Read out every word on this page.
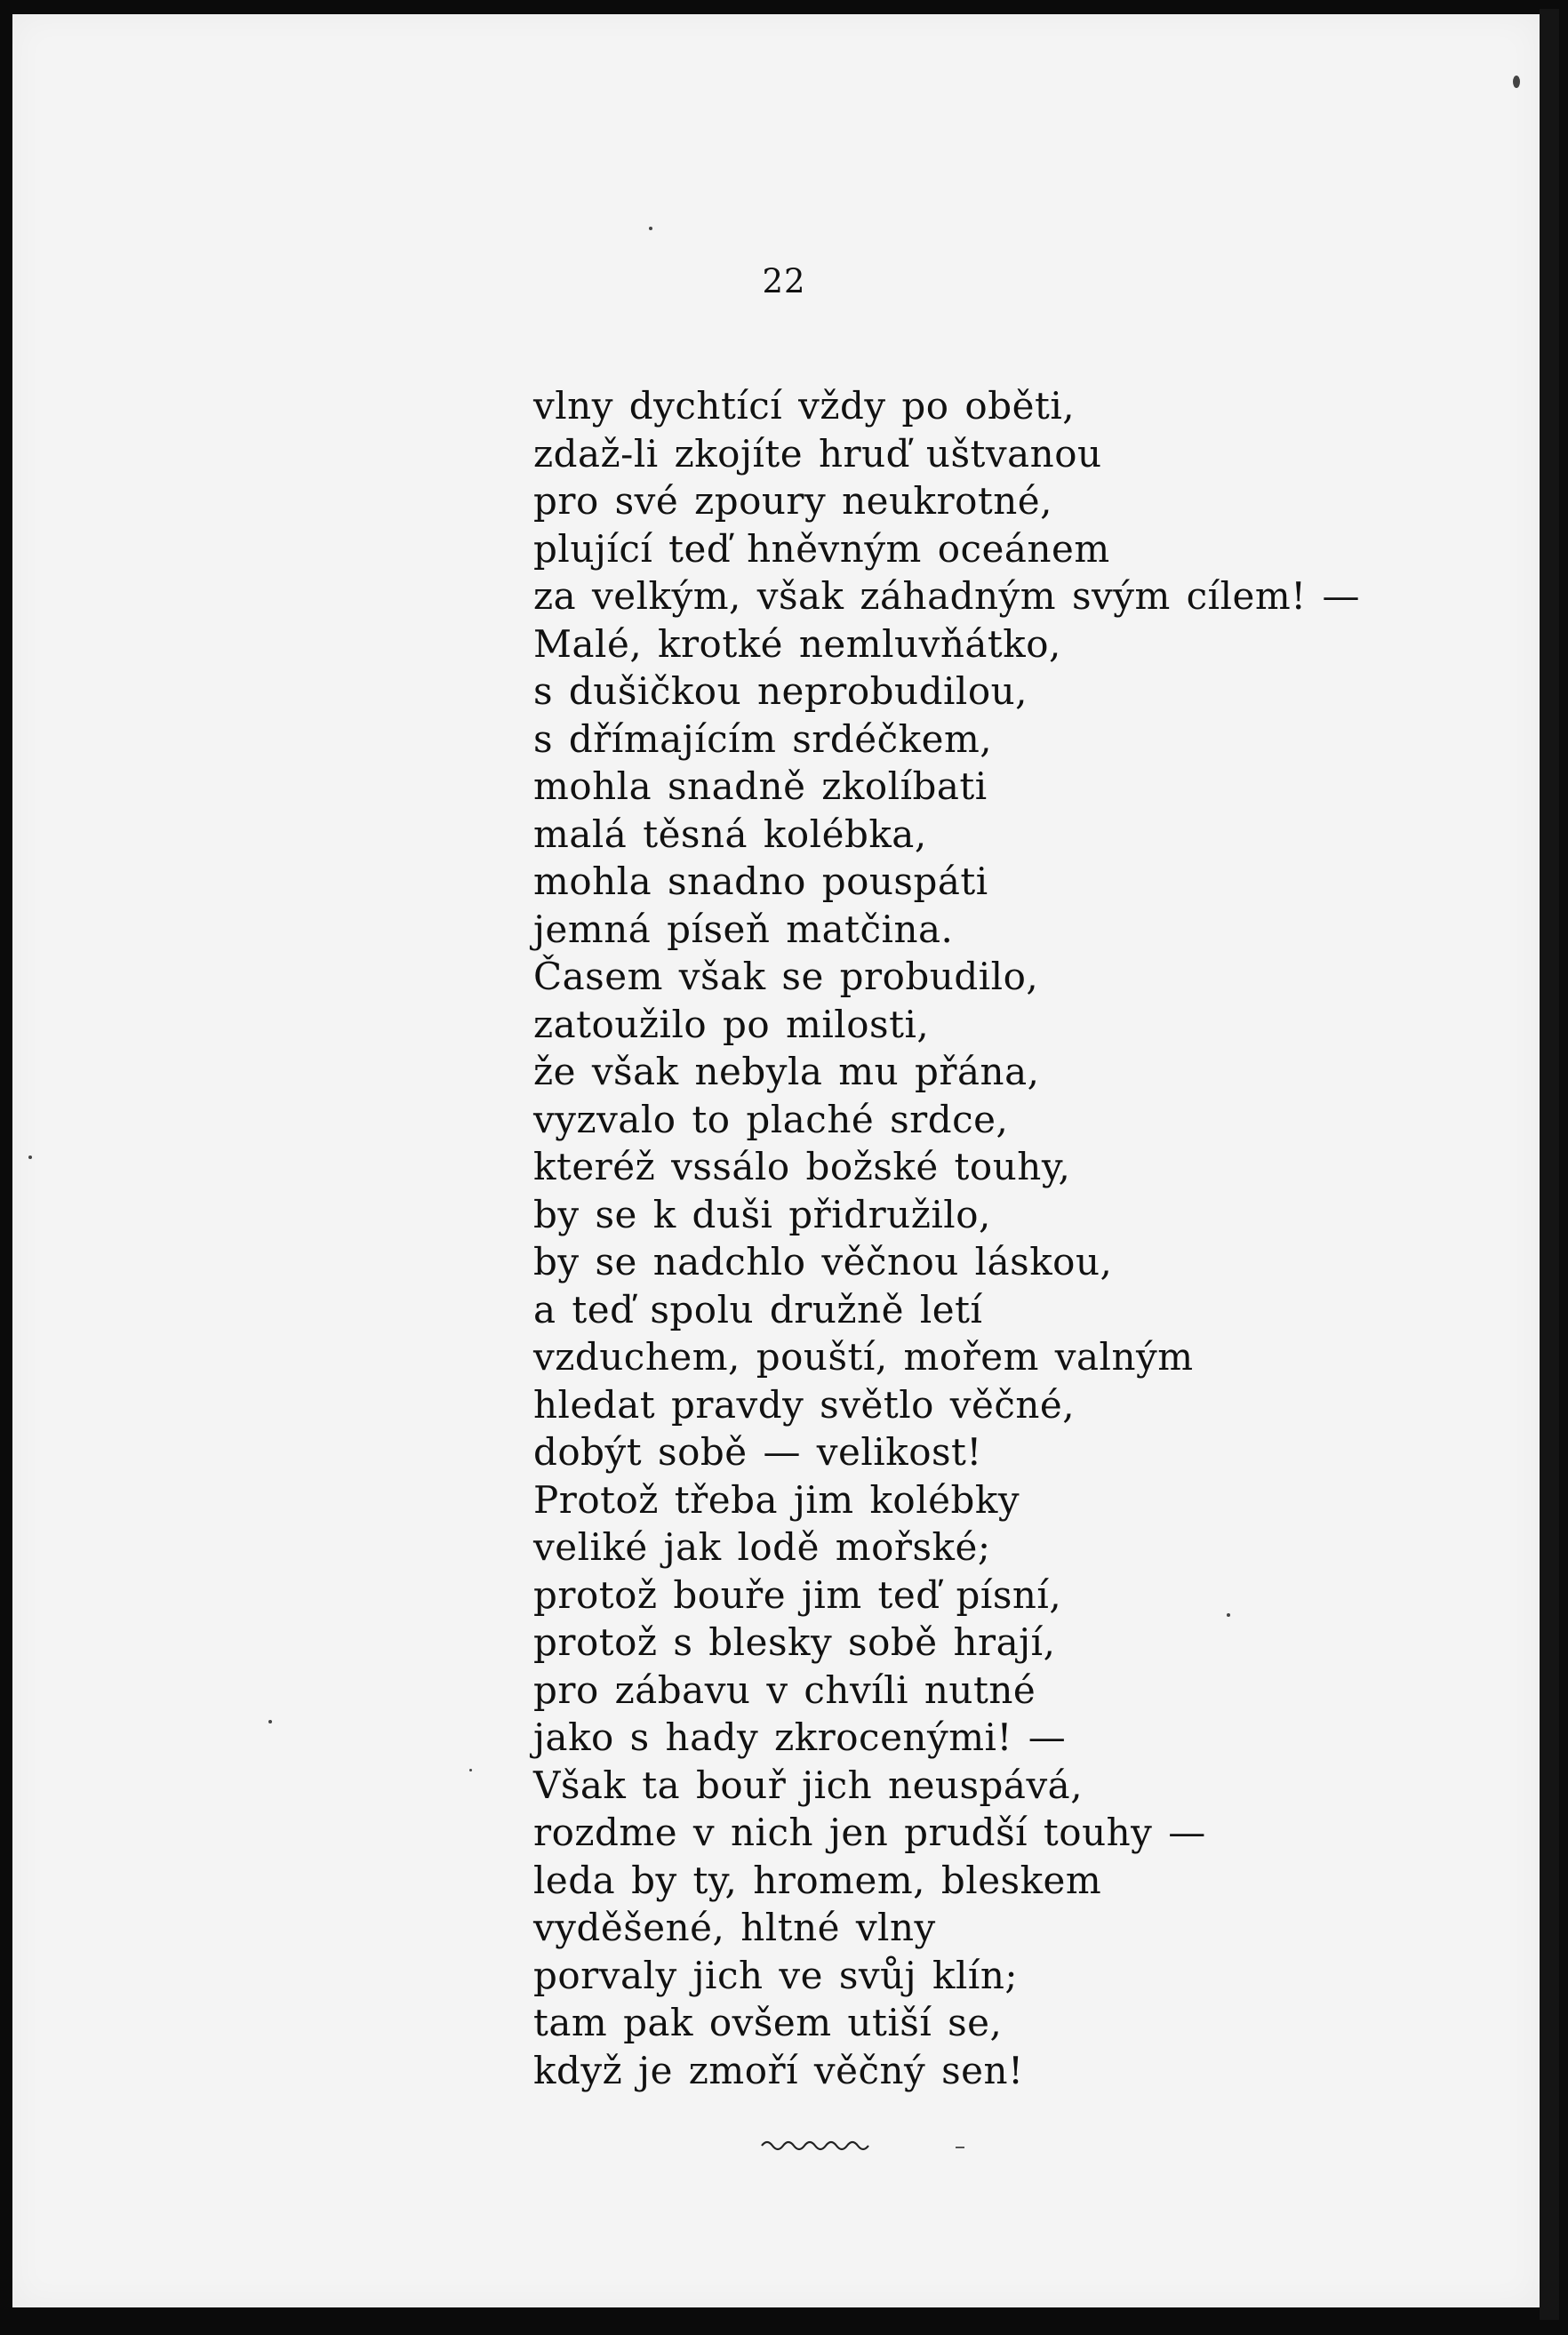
22
vlny dychtící vždy po oběti,
zdaž-li zkojíte hruď uštvanou
pro své zpoury neukrotné,
plující teď hněvným oceánem
za velkým, však záhadným svým cílem! —
Malé, krotké nemluvňátko,
s dušičkou neprobudilou,
s dřímajícím srdéčkem,
mohla snadně zkolíbati
malá těsná kolébka,
mohla snadno pouspáti
jemná píseň matčina.
Časem však se probudilo,
zatoužilo po milosti,
že však nebyla mu přána,
vyzvalo to plaché srdce,
kteréž vssálo božské touhy,
by se k duši přidružilo,
by se nadchlo věčnou láskou,
a teď spolu družně letí
vzduchem, pouští, mořem valným
hledat pravdy světlo věčné,
dobýt sobě — velikost!
Protož třeba jim kolébky
veliké jak lodě mořské;
protož bouře jim teď písní,
protož s blesky sobě hrají,
pro zábavu v chvíli nutné
jako s hady zkrocenými! —
Však ta bouř jich neuspává,
rozdme v nich jen prudší touhy —
leda by ty, hromem, bleskem
vyděšené, hltné vlny
porvaly jich ve svůj klín;
tam pak ovšem utiší se,
když je zmoří věčný sen!
